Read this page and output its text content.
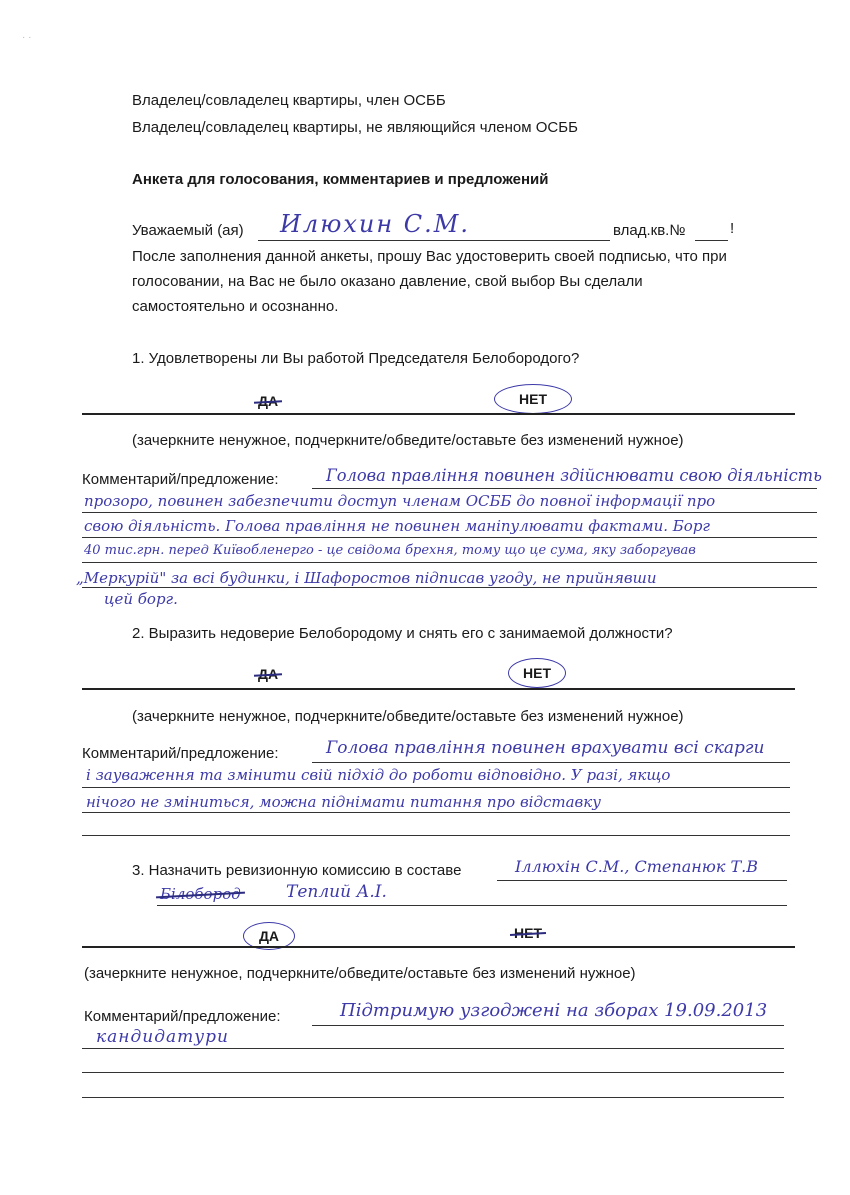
· ·
Владелец/совладелец квартиры, член ОСББ
Владелец/совладелец квартиры, не являющийся членом ОСББ
Анкета для голосования, комментариев и предложений
Уважаемый (ая) Илюхин С.М.	влад.кв.№	!
После заполнения данной анкеты, прошу Вас удостоверить своей подписью, что при
голосовании, на Вас не было оказано давление, свой выбор Вы сделали
самостоятельно и осознанно.
1. Удовлетворены ли Вы работой Председателя Белобородого?
ДА	НЕТ
(зачеркните ненужное, подчеркните/обведите/оставьте без изменений нужное)
Комментарий/предложение:	Голова правління повинен здійснювати свою діяльність
прозоро, повинен забезпечити доступ членам ОСББ до повної інформації про
свою діяльність. Голова правління не повинен маніпулювати фактами. Борг
40 тис.грн. перед Київобленерго - це свідома брехня, тому що це сума, яку заборгував
„Меркурій" за всі будинки, і Шафоростов підписав угоду, не прийнявши
цей борг.
2. Выразить недоверие Белобородому и снять его с занимаемой должности?
ДА	НЕТ
(зачеркните ненужное, подчеркните/обведите/оставьте без изменений нужное)
Комментарий/предложение:	Голова правління повинен врахувати всі скарги
і зауваження та змінити свій підхід до роботи відповідно. У разі, якщо
нічого не зміниться, можна піднімати питання про відставку
3. Назначить ревизионную комиссию в составе	Іллюхін С.М., Степанюк Т.В
Білобород	Теплий А.І.
ДА	НЕТ
(зачеркните ненужное, подчеркните/обведите/оставьте без изменений нужное)
Комментарий/предложение:	Підтримую узгоджені на зборах 19.09.2013
кандидатури
